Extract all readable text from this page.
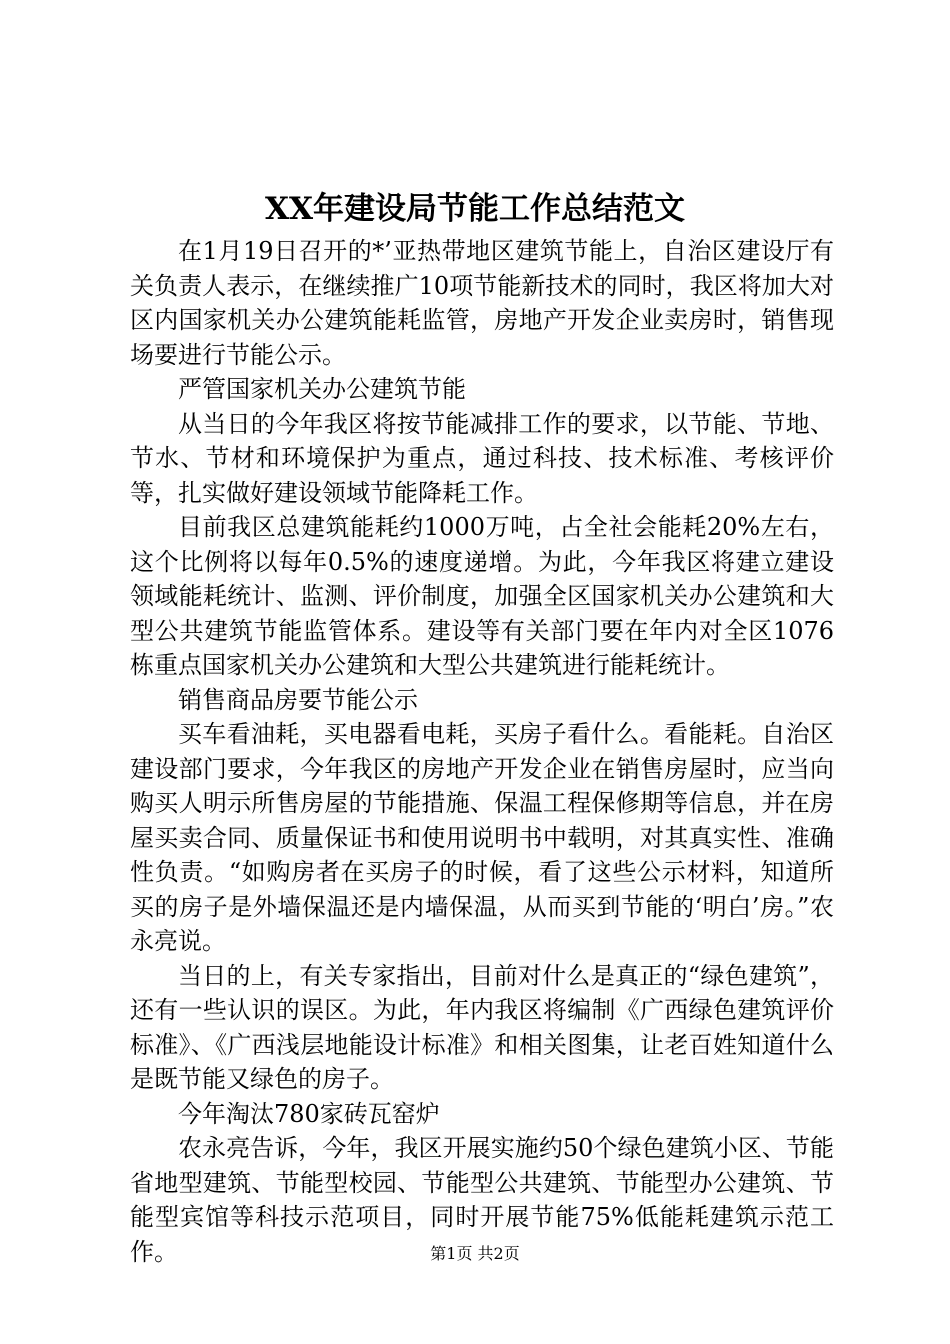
XX年建设局节能工作总结范文

在1月19日召开的*’亚热带地区建筑节能上，自治区建设厅有关负责人表示，在继续推广10项节能新技术的同时，我区将加大对区内国家机关办公建筑能耗监管，房地产开发企业卖房时，销售现场要进行节能公示。

严管国家机关办公建筑节能

从当日的今年我区将按节能减排工作的要求，以节能、节地、节水、节材和环境保护为重点，通过科技、技术标准、考核评价等，扎实做好建设领域节能降耗工作。

目前我区总建筑能耗约1000万吨，占全社会能耗20%左右，这个比例将以每年0.5%的速度递增。为此，今年我区将建立建设领域能耗统计、监测、评价制度，加强全区国家机关办公建筑和大型公共建筑节能监管体系。建设等有关部门要在年内对全区1076栋重点国家机关办公建筑和大型公共建筑进行能耗统计。

销售商品房要节能公示

买车看油耗，买电器看电耗，买房子看什么。看能耗。自治区建设部门要求，今年我区的房地产开发企业在销售房屋时，应当向购买人明示所售房屋的节能措施、保温工程保修期等信息，并在房屋买卖合同、质量保证书和使用说明书中载明，对其真实性、准确性负责。“如购房者在买房子的时候，看了这些公示材料，知道所买的房子是外墙保温还是内墙保温，从而买到节能的‘明白’房。”农永亮说。

当日的上，有关专家指出，目前对什么是真正的“绿色建筑”，还有一些认识的误区。为此，年内我区将编制《广西绿色建筑评价标准》、《广西浅层地能设计标准》和相关图集，让老百姓知道什么是既节能又绿色的房子。

今年淘汰780家砖瓦窑炉

农永亮告诉，今年，我区开展实施约50个绿色建筑小区、节能省地型建筑、节能型校园、节能型公共建筑、节能型办公建筑、节能型宾馆等科技示范项目，同时开展节能75%低能耗建筑示范工作。	第1页 共2页
